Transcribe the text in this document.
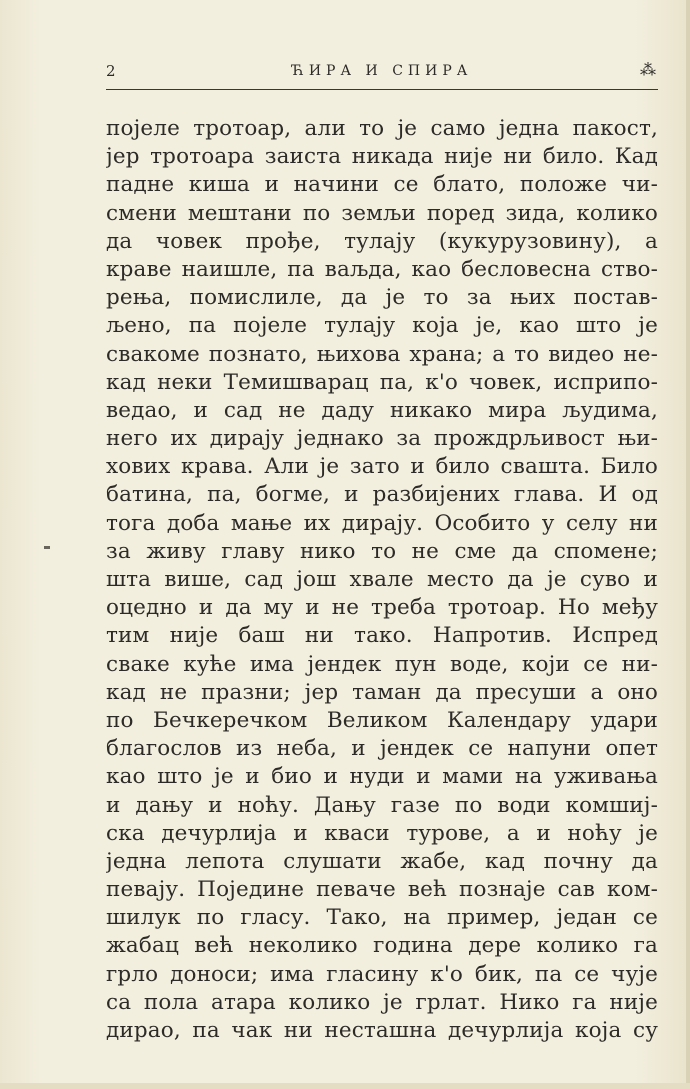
2	ЋИРА И СПИРА	⁂
појеле тротоар, али то је само једна пакост,
јер тротоара заиста никада није ни било. Кад
падне киша и начини се блато, положе чи-
смени мештани по земљи поред зида, колико
да човек прође, тулају (кукурузовину), а
краве наишле, па ваљда, као бесловесна ство-
рења, помислиле, да је то за њих постав-
љено, па појеле тулају која је, као што је
свакоме познато, њихова храна; а то видео не-
кад неки Темишварац па, к'о човек, исприпо-
ведао, и сад не даду никако мира људима,
него их дирају једнако за прождрљивост њи-
хових крава. Али је зато и било свашта. Било
батина, па, богме, и разбијених глава. И од
тога доба мање их дирају. Особито у селу ни
за живу главу нико то не сме да спомене;
шта више, сад још хвале место да је суво и
оцедно и да му и не треба тротоар. Но међу
тим није баш ни тако. Напротив. Испред
сваке куће има јендек пун воде, који се ни-
кад не празни; јер таман да пресуши а оно
по Бечкеречком Великом Календару удари
благослов из неба, и јендек се напуни опет
као што је и био и нуди и мами на уживања
и дању и ноћу. Дању газе по води комшиј-
ска дечурлија и кваси турове, а и ноћу је
једна лепота слушати жабе, кад почну да
певају. Поједине певаче већ познаје сав ком-
шилук по гласу. Тако, на пример, један се
жабац већ неколико година дере колико га
грло доноси; има гласину к'о бик, па се чује
са пола атара колико је грлат. Нико га није
дирао, па чак ни несташна дечурлија која су
